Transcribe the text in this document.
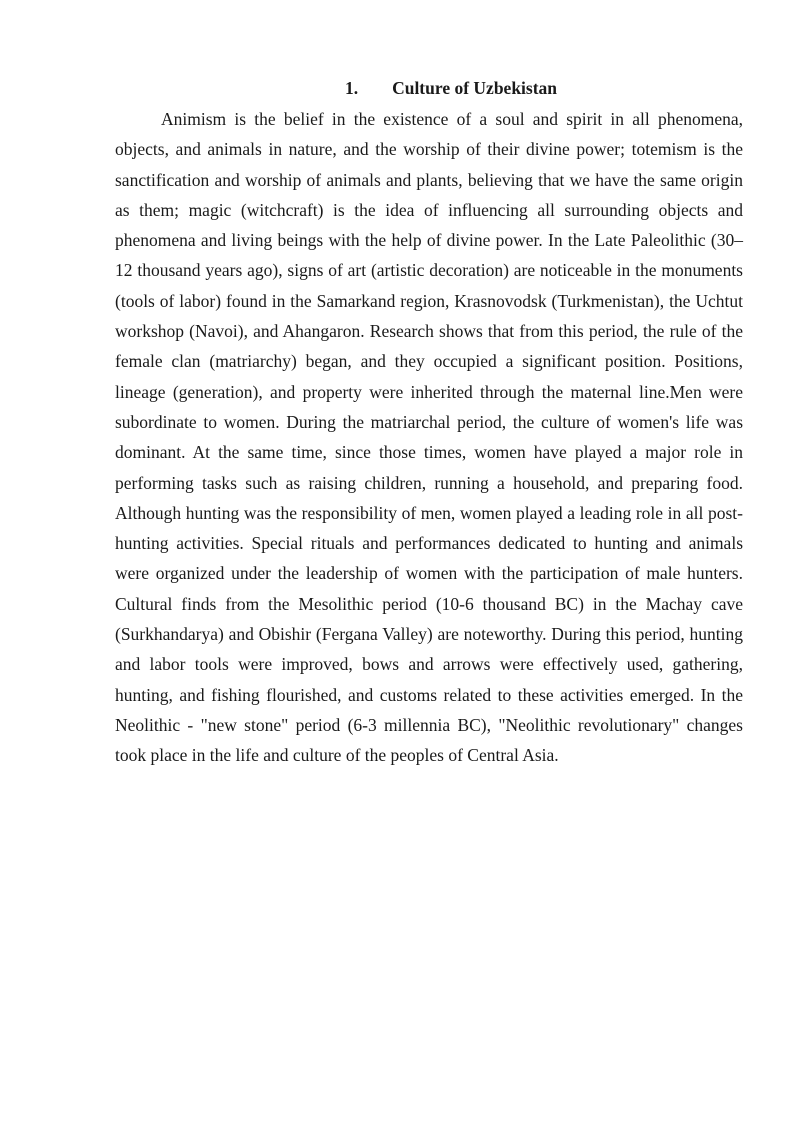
1. Culture of Uzbekistan

Animism is the belief in the existence of a soul and spirit in all phenomena, objects, and animals in nature, and the worship of their divine power; totemism is the sanctification and worship of animals and plants, believing that we have the same origin as them; magic (witchcraft) is the idea of influencing all surrounding objects and phenomena and living beings with the help of divine power. In the Late Paleolithic (30–12 thousand years ago), signs of art (artistic decoration) are noticeable in the monuments (tools of labor) found in the Samarkand region, Krasnovodsk (Turkmenistan), the Uchtut workshop (Navoi), and Ahangaron. Research shows that from this period, the rule of the female clan (matriarchy) began, and they occupied a significant position. Positions, lineage (generation), and property were inherited through the maternal line.Men were subordinate to women. During the matriarchal period, the culture of women's life was dominant. At the same time, since those times, women have played a major role in performing tasks such as raising children, running a household, and preparing food. Although hunting was the responsibility of men, women played a leading role in all post-hunting activities. Special rituals and performances dedicated to hunting and animals were organized under the leadership of women with the participation of male hunters. Cultural finds from the Mesolithic period (10-6 thousand BC) in the Machay cave (Surkhandarya) and Obishir (Fergana Valley) are noteworthy. During this period, hunting and labor tools were improved, bows and arrows were effectively used, gathering, hunting, and fishing flourished, and customs related to these activities emerged. In the Neolithic - "new stone" period (6-3 millennia BC), "Neolithic revolutionary" changes took place in the life and culture of the peoples of Central Asia.
